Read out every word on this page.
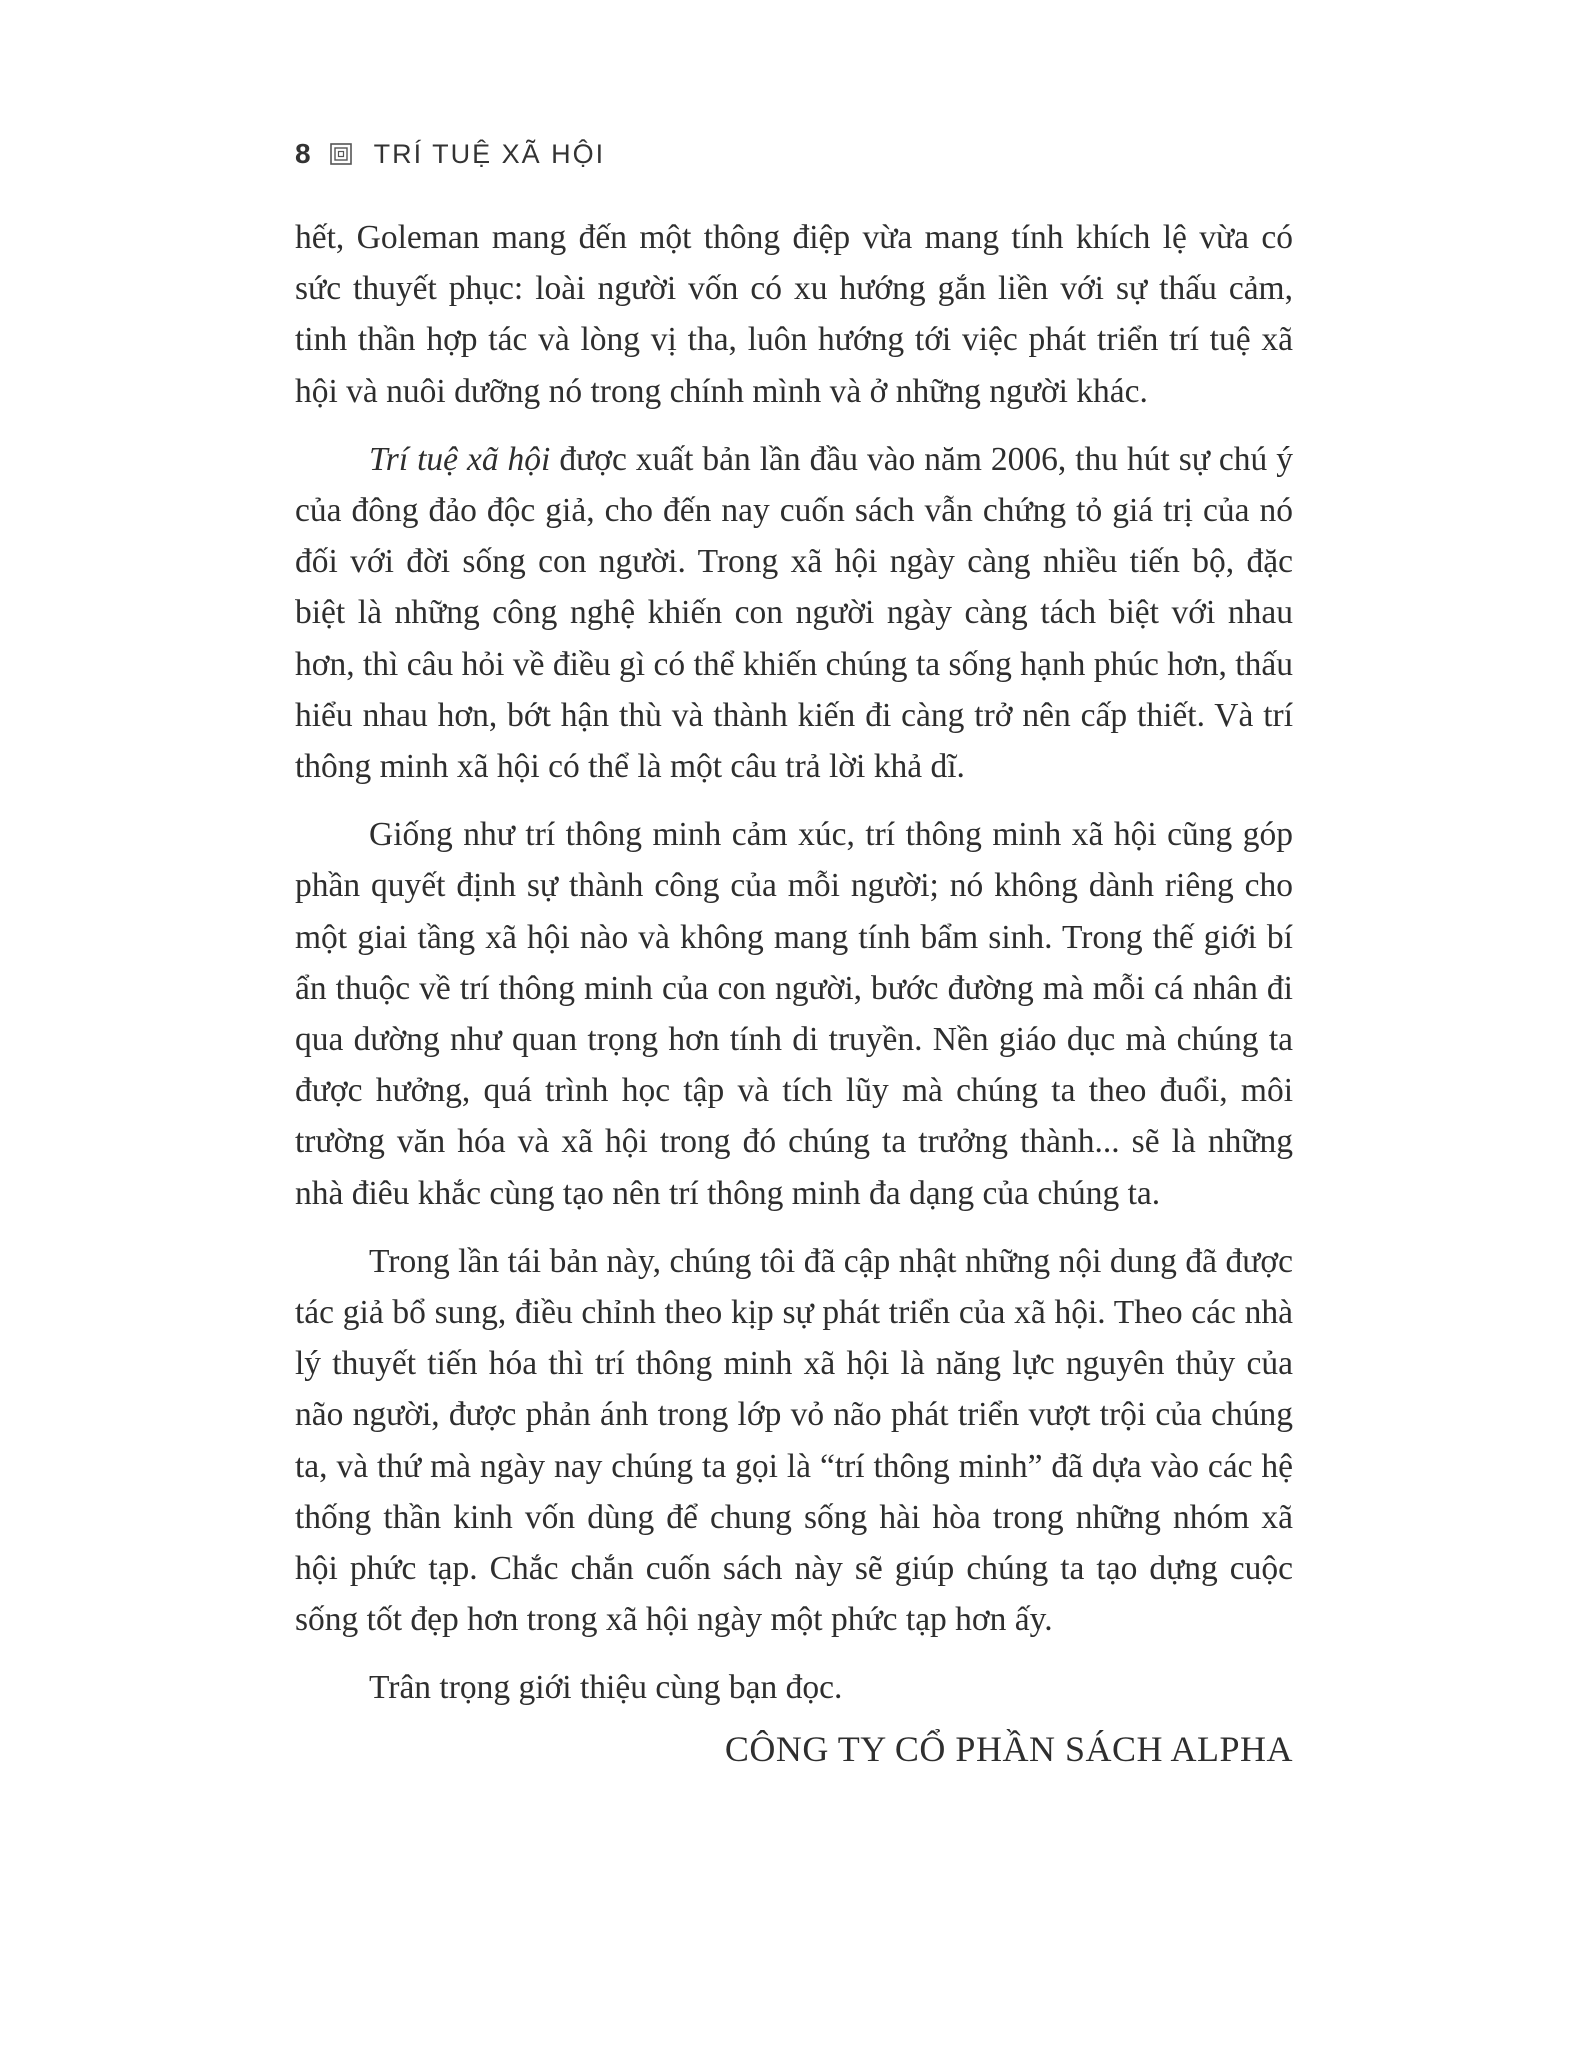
8 TRÍ TUỆ XÃ HỘI

hết, Goleman mang đến một thông điệp vừa mang tính khích lệ vừa có sức thuyết phục: loài người vốn có xu hướng gắn liền với sự thấu cảm, tinh thần hợp tác và lòng vị tha, luôn hướng tới việc phát triển trí tuệ xã hội và nuôi dưỡng nó trong chính mình và ở những người khác.

Trí tuệ xã hội được xuất bản lần đầu vào năm 2006, thu hút sự chú ý của đông đảo độc giả, cho đến nay cuốn sách vẫn chứng tỏ giá trị của nó đối với đời sống con người. Trong xã hội ngày càng nhiều tiến bộ, đặc biệt là những công nghệ khiến con người ngày càng tách biệt với nhau hơn, thì câu hỏi về điều gì có thể khiến chúng ta sống hạnh phúc hơn, thấu hiểu nhau hơn, bớt hận thù và thành kiến đi càng trở nên cấp thiết. Và trí thông minh xã hội có thể là một câu trả lời khả dĩ.

Giống như trí thông minh cảm xúc, trí thông minh xã hội cũng góp phần quyết định sự thành công của mỗi người; nó không dành riêng cho một giai tầng xã hội nào và không mang tính bẩm sinh. Trong thế giới bí ẩn thuộc về trí thông minh của con người, bước đường mà mỗi cá nhân đi qua dường như quan trọng hơn tính di truyền. Nền giáo dục mà chúng ta được hưởng, quá trình học tập và tích lũy mà chúng ta theo đuổi, môi trường văn hóa và xã hội trong đó chúng ta trưởng thành... sẽ là những nhà điêu khắc cùng tạo nên trí thông minh đa dạng của chúng ta.

Trong lần tái bản này, chúng tôi đã cập nhật những nội dung đã được tác giả bổ sung, điều chỉnh theo kịp sự phát triển của xã hội. Theo các nhà lý thuyết tiến hóa thì trí thông minh xã hội là năng lực nguyên thủy của não người, được phản ánh trong lớp vỏ não phát triển vượt trội của chúng ta, và thứ mà ngày nay chúng ta gọi là “trí thông minh” đã dựa vào các hệ thống thần kinh vốn dùng để chung sống hài hòa trong những nhóm xã hội phức tạp. Chắc chắn cuốn sách này sẽ giúp chúng ta tạo dựng cuộc sống tốt đẹp hơn trong xã hội ngày một phức tạp hơn ấy.

Trân trọng giới thiệu cùng bạn đọc.

CÔNG TY CỔ PHẦN SÁCH ALPHA
